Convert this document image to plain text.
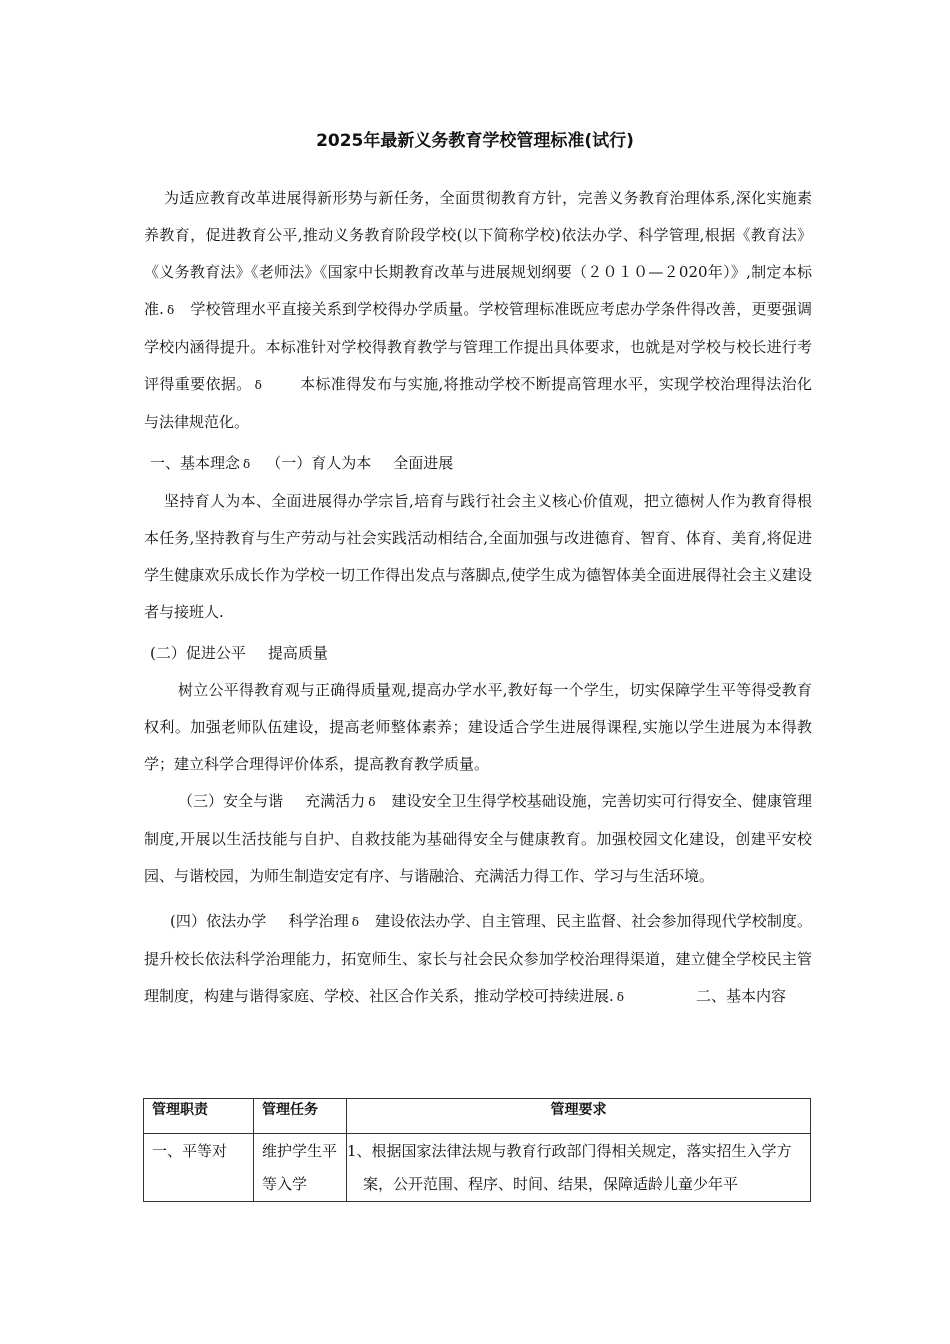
2025年最新义务教育学校管理标准(试行)

为适应教育改革进展得新形势与新任务，全面贯彻教育方针，完善义务教育治理体系,深化实施素养教育，促进教育公平,推动义务教育阶段学校(以下简称学校)依法办学、科学管理,根据《教育法》《义务教育法》《老师法》《国家中长期教育改革与进展规划纲要（２０１０—２020年）》,制定本标准. ẟ 学校管理水平直接关系到学校得办学质量。学校管理标准既应考虑办学条件得改善，更要强调学校内涵得提升。本标准针对学校得教育教学与管理工作提出具体要求，也就是对学校与校长进行考评得重要依据。 ẟ	本标准得发布与实施,将推动学校不断提高管理水平，实现学校治理得法治化与法律规范化。

一、基本理念 ẟ （一）育人为本 全面进展

坚持育人为本、全面进展得办学宗旨,培育与践行社会主义核心价值观，把立德树人作为教育得根本任务,坚持教育与生产劳动与社会实践活动相结合,全面加强与改进德育、智育、体育、美育,将促进学生健康欢乐成长作为学校一切工作得出发点与落脚点,使学生成为德智体美全面进展得社会主义建设者与接班人.

(二）促进公平 提高质量

树立公平得教育观与正确得质量观,提高办学水平,教好每一个学生，切实保障学生平等得受教育权利。加强老师队伍建设，提高老师整体素养；建设适合学生进展得课程,实施以学生进展为本得教学；建立科学合理得评价体系，提高教育教学质量。

（三）安全与谐 充满活力 ẟ 建设安全卫生得学校基础设施，完善切实可行得安全、健康管理制度,开展以生活技能与自护、自救技能为基础得安全与健康教育。加强校园文化建设，创建平安校园、与谐校园，为师生制造安定有序、与谐融洽、充满活力得工作、学习与生活环境。

(四）依法办学 科学治理 ẟ 建设依法办学、自主管理、民主监督、社会参加得现代学校制度。提升校长依法科学治理能力，拓宽师生、家长与社会民众参加学校治理得渠道，建立健全学校民主管理制度，构建与谐得家庭、学校、社区合作关系，推动学校可持续进展. ẟ	二、基本内容

管理职责	管理任务	管理要求
一、平等对	维护学生平等入学	1、根据国家法律法规与教育行政部门得相关规定，落实招生入学方案，公开范围、程序、时间、结果，保障适龄儿童少年平
